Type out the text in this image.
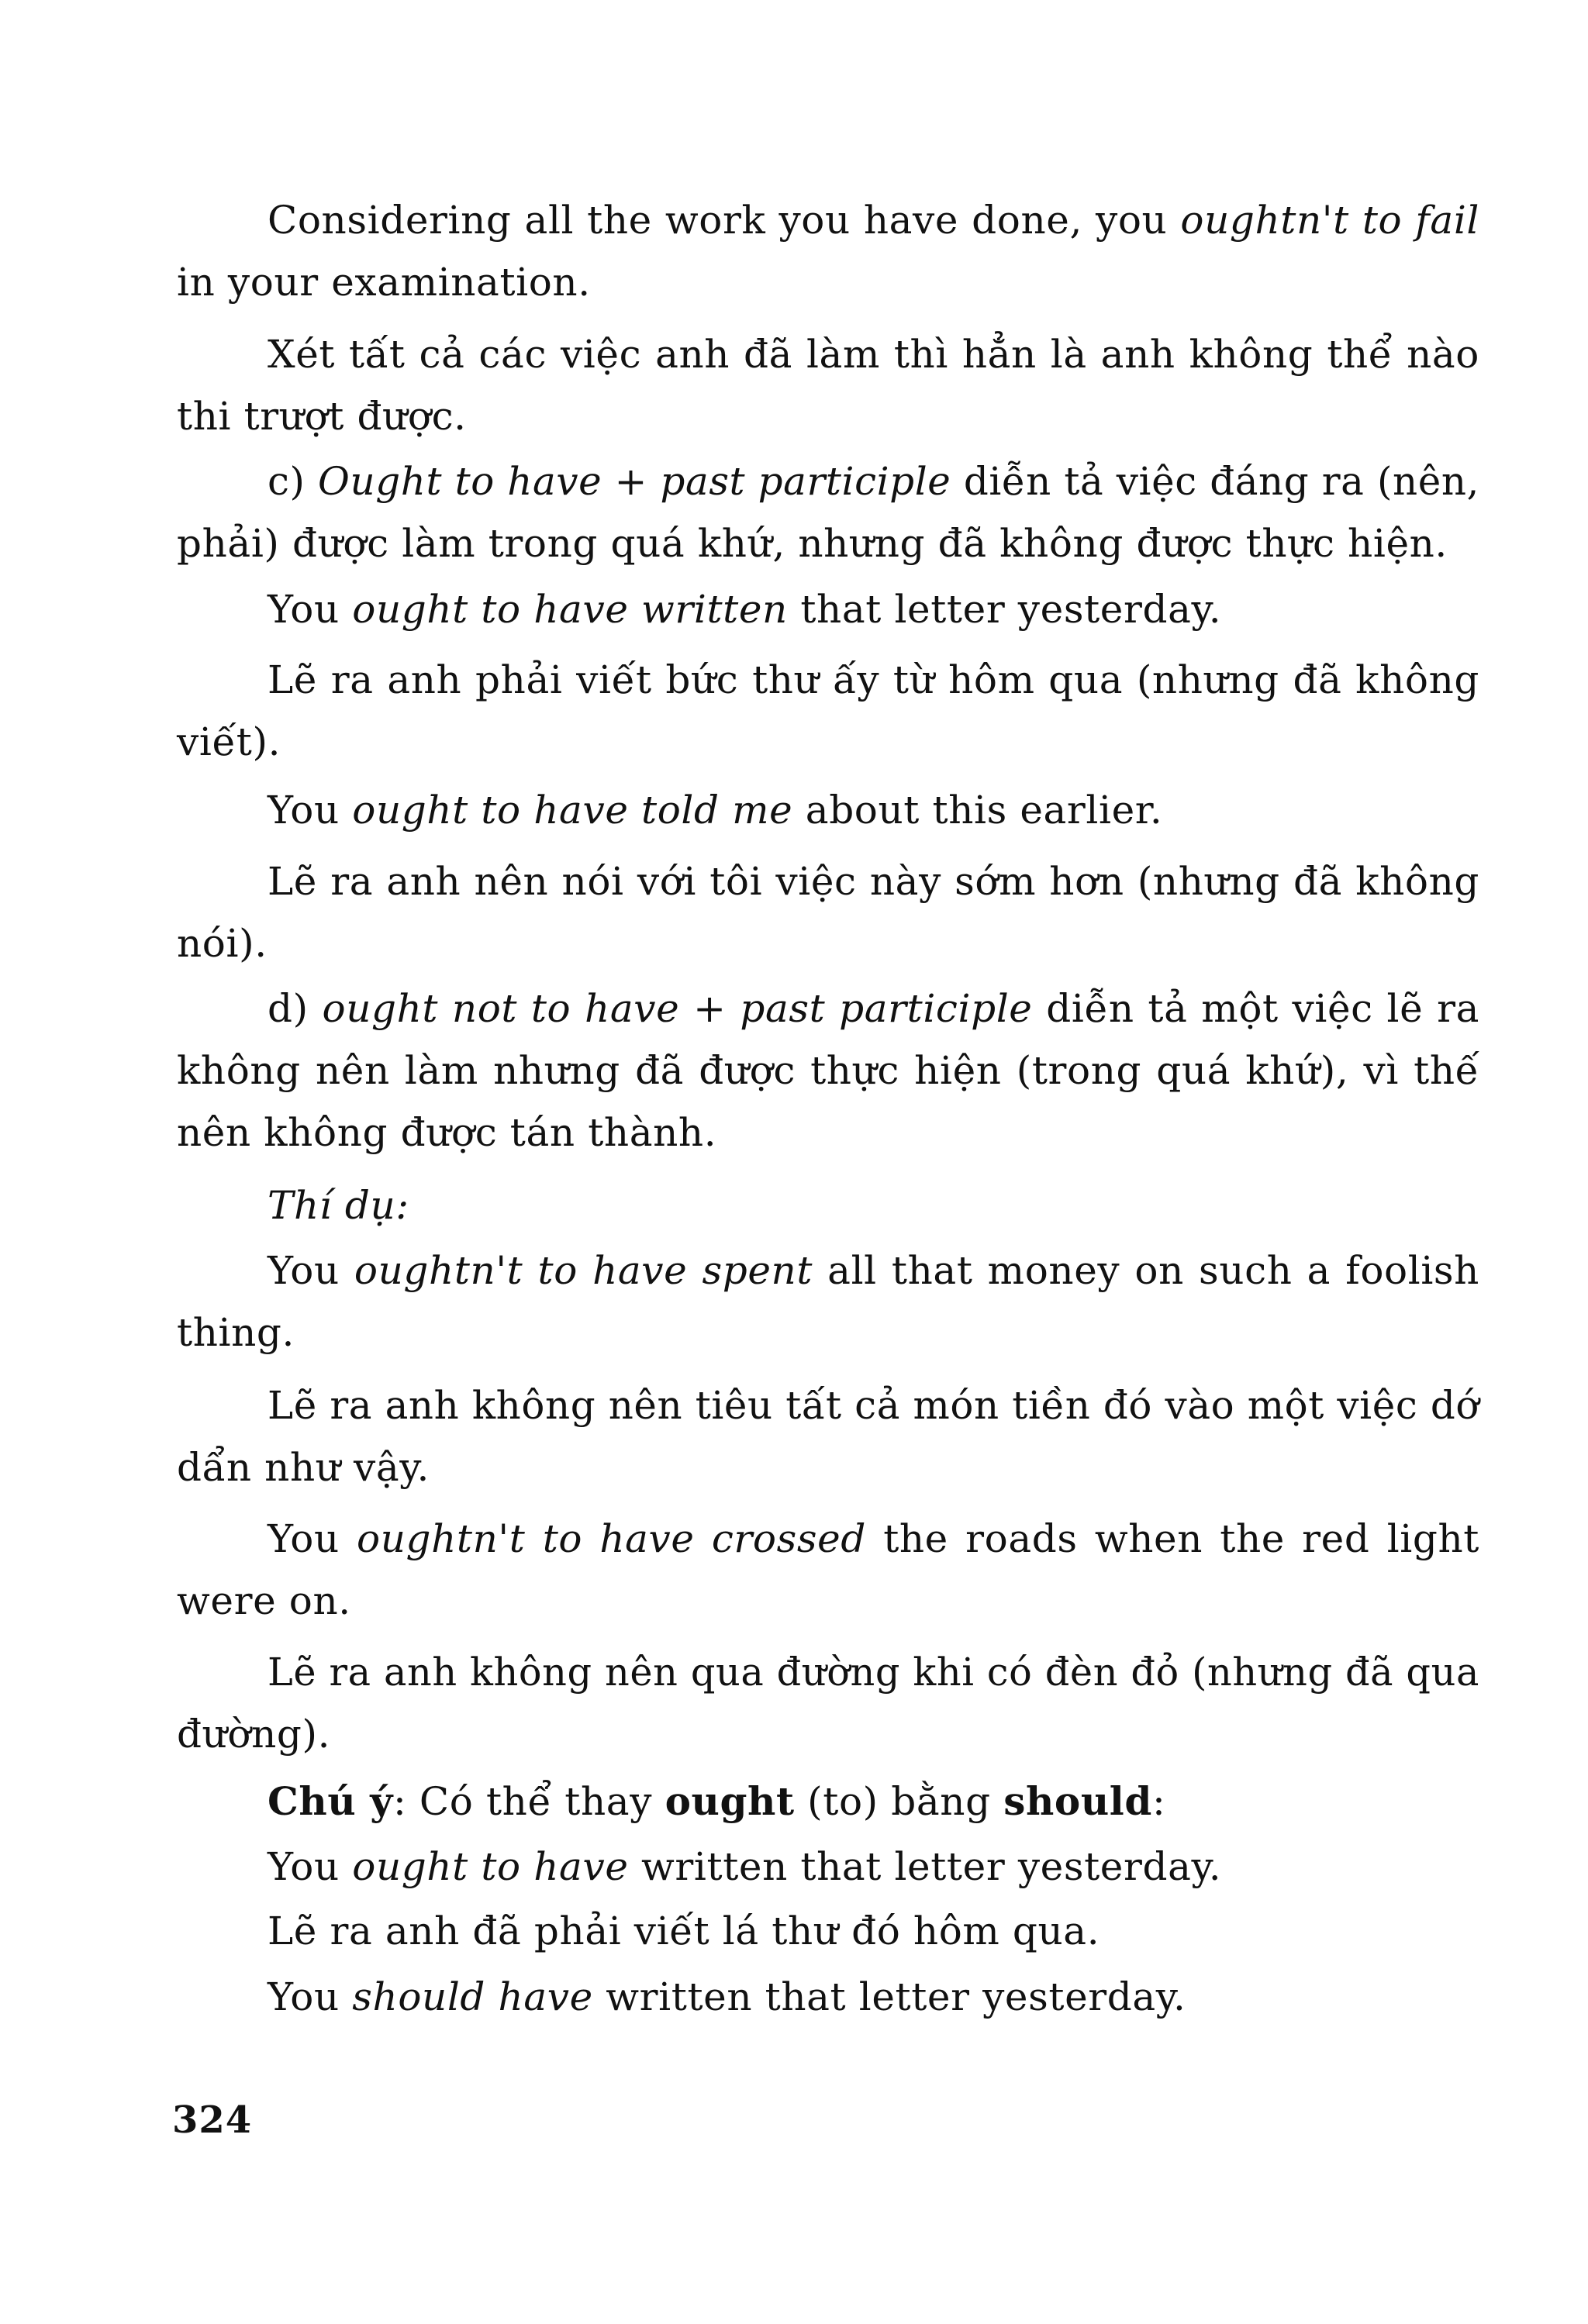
Considering all the work you have done, you oughtn't to fail
in your examination.
Xét tất cả các việc anh đã làm thì hẳn là anh không thể nào
thi trượt được.
c) Ought to have + past participle diễn tả việc đáng ra (nên,
phải) được làm trong quá khứ, nhưng đã không được thực hiện.
You ought to have written that letter yesterday.
Lẽ ra anh phải viết bức thư ấy từ hôm qua (nhưng đã không
viết).
You ought to have told me about this earlier.
Lẽ ra anh nên nói với tôi việc này sớm hơn (nhưng đã không
nói).
d) ought not to have + past participle diễn tả một việc lẽ ra
không nên làm nhưng đã được thực hiện (trong quá khứ), vì thế
nên không được tán thành.
Thí dụ:
You oughtn't to have spent all that money on such a foolish
thing.
Lẽ ra anh không nên tiêu tất cả món tiền đó vào một việc dớ
dẩn như vậy.
You oughtn't to have crossed the roads when the red light
were on.
Lẽ ra anh không nên qua đường khi có đèn đỏ (nhưng đã qua
đường).
Chú ý: Có thể thay ought (to) bằng should:
You ought to have written that letter yesterday.
Lẽ ra anh đã phải viết lá thư đó hôm qua.
You should have written that letter yesterday.
324
